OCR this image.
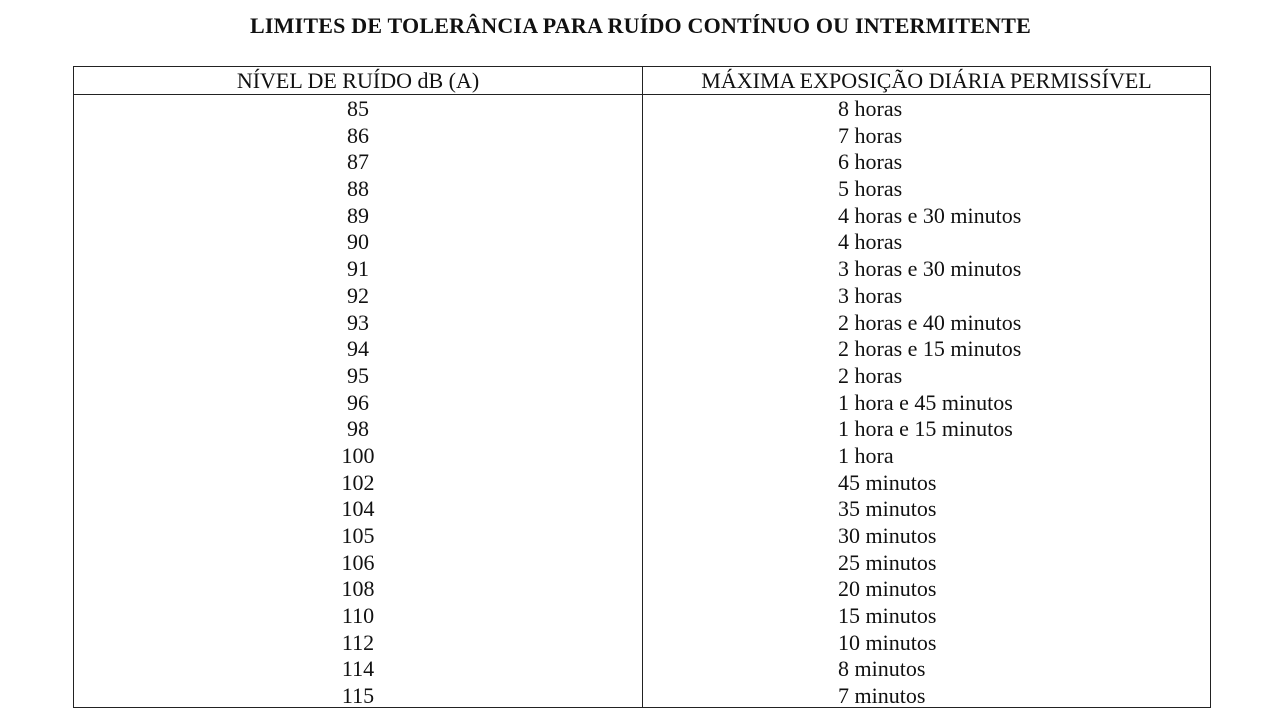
LIMITES DE TOLERÂNCIA PARA RUÍDO CONTÍNUO OU INTERMITENTE
NÍVEL DE RUÍDO dB (A)	MÁXIMA EXPOSIÇÃO DIÁRIA PERMISSÍVEL
85	8 horas
86	7 horas
87	6 horas
88	5 horas
89	4 horas e 30 minutos
90	4 horas
91	3 horas e 30 minutos
92	3 horas
93	2 horas e 40 minutos
94	2 horas e 15 minutos
95	2 horas
96	1 hora e 45 minutos
98	1 hora e 15 minutos
100	1 hora
102	45 minutos
104	35 minutos
105	30 minutos
106	25 minutos
108	20 minutos
110	15 minutos
112	10 minutos
114	8 minutos
115	7 minutos
